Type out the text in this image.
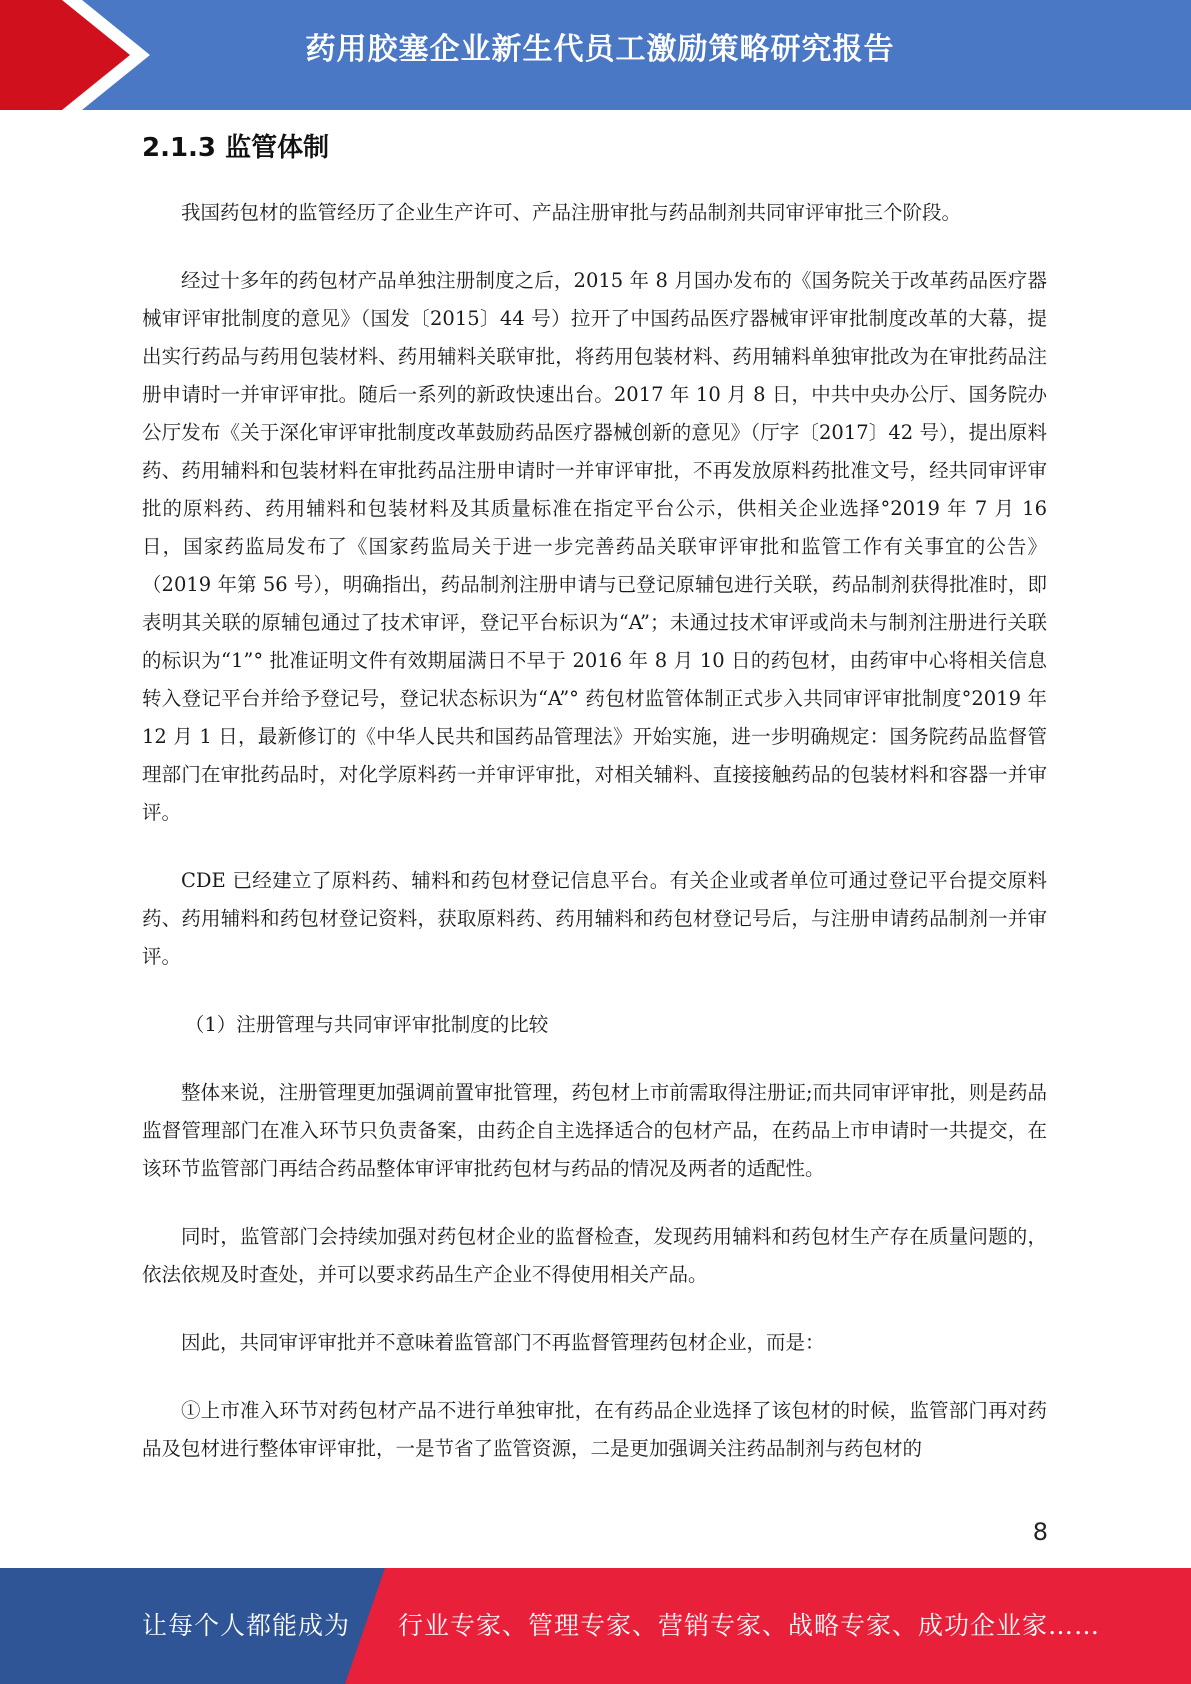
药用胶塞企业新生代员工激励策略研究报告
2.1.3 监管体制

我国药包材的监管经历了企业生产许可、产品注册审批与药品制剂共同审评审批三个阶段。

经过十多年的药包材产品单独注册制度之后，2015 年 8 月国办发布的《国务院关于改革药品医疗器械审评审批制度的意见》（国发〔2015〕44 号）拉开了中国药品医疗器械审评审批制度改革的大幕，提出实行药品与药用包装材料、药用辅料关联审批，将药用包装材料、药用辅料单独审批改为在审批药品注册申请时一并审评审批。随后一系列的新政快速出台。2017 年 10 月 8 日，中共中央办公厅、国务院办公厅发布《关于深化审评审批制度改革鼓励药品医疗器械创新的意见》（厅字〔2017〕42 号），提出原料药、药用辅料和包装材料在审批药品注册申请时一并审评审批，不再发放原料药批准文号，经共同审评审批的原料药、药用辅料和包装材料及其质量标准在指定平台公示，供相关企业选择°2019 年 7 月 16 日，国家药监局发布了《国家药监局关于进一步完善药品关联审评审批和监管工作有关事宜的公告》（2019 年第 56 号），明确指出，药品制剂注册申请与已登记原辅包进行关联，药品制剂获得批准时，即表明其关联的原辅包通过了技术审评，登记平台标识为“A”；未通过技术审评或尚未与制剂注册进行关联的标识为“1”° 批准证明文件有效期届满日不早于 2016 年 8 月 10 日的药包材，由药审中心将相关信息转入登记平台并给予登记号，登记状态标识为“A”° 药包材监管体制正式步入共同审评审批制度°2019 年 12 月 1 日，最新修订的《中华人民共和国药品管理法》开始实施，进一步明确规定：国务院药品监督管理部门在审批药品时，对化学原料药一并审评审批，对相关辅料、直接接触药品的包装材料和容器一并审评。

CDE 已经建立了原料药、辅料和药包材登记信息平台。有关企业或者单位可通过登记平台提交原料药、药用辅料和药包材登记资料，获取原料药、药用辅料和药包材登记号后，与注册申请药品制剂一并审评。

（1）注册管理与共同审评审批制度的比较

整体来说，注册管理更加强调前置审批管理，药包材上市前需取得注册证;而共同审评审批，则是药品监督管理部门在准入环节只负责备案，由药企自主选择适合的包材产品，在药品上市申请时一共提交，在该环节监管部门再结合药品整体审评审批药包材与药品的情况及两者的适配性。

同时，监管部门会持续加强对药包材企业的监督检查，发现药用辅料和药包材生产存在质量问题的，依法依规及时查处，并可以要求药品生产企业不得使用相关产品。

因此，共同审评审批并不意味着监管部门不再监督管理药包材企业，而是：

①上市准入环节对药包材产品不进行单独审批，在有药品企业选择了该包材的时候，监管部门再对药品及包材进行整体审评审批，一是节省了监管资源，二是更加强调关注药品制剂与药包材的

8
让每个人都能成为 行业专家、管理专家、营销专家、战略专家、成功企业家……
